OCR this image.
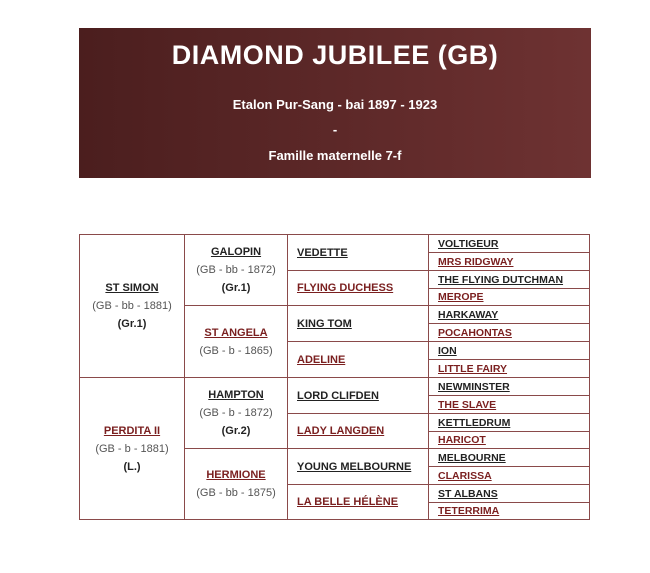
DIAMOND JUBILEE (GB)
Etalon Pur-Sang - bai 1897 - 1923
-
Famille maternelle 7-f
ST SIMON
(GB - bb - 1881)
(Gr.1)
PERDITA II
(GB - b - 1881)
(L.)
GALOPIN
(GB - bb - 1872)
(Gr.1)
ST ANGELA
(GB - b - 1865)
HAMPTON
(GB - b - 1872)
(Gr.2)
HERMIONE
(GB - bb - 1875)
VEDETTE
FLYING DUCHESS
KING TOM
ADELINE
LORD CLIFDEN
LADY LANGDEN
YOUNG MELBOURNE
LA BELLE HÉLÈNE
VOLTIGEUR
MRS RIDGWAY
THE FLYING DUTCHMAN
MEROPE
HARKAWAY
POCAHONTAS
ION
LITTLE FAIRY
NEWMINSTER
THE SLAVE
KETTLEDRUM
HARICOT
MELBOURNE
CLARISSA
ST ALBANS
TETERRIMA
